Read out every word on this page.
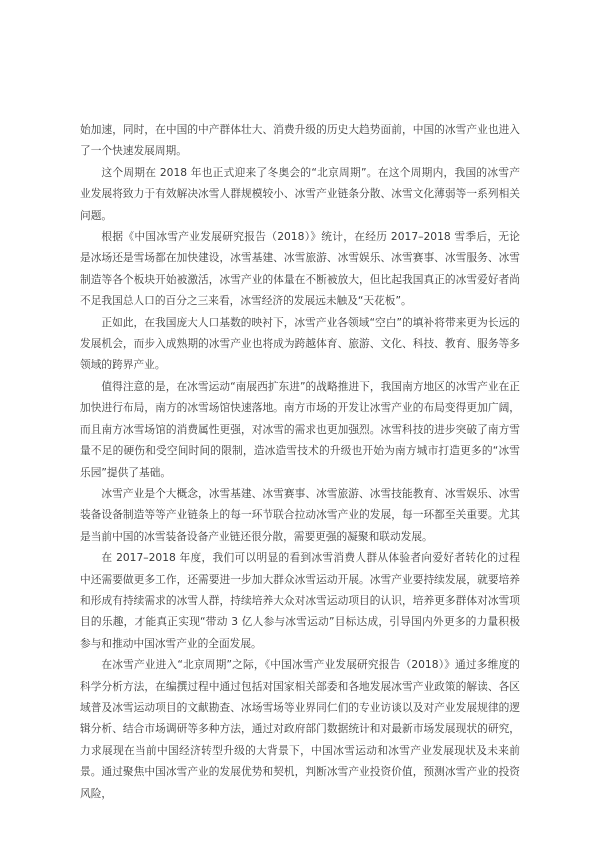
始加速，同时，在中国的中产群体壮大、消费升级的历史大趋势面前，中国的冰雪产业也进入了一个快速发展周期。

这个周期在 2018 年也正式迎来了冬奥会的“北京周期”。在这个周期内，我国的冰雪产业发展将致力于有效解决冰雪人群规模较小、冰雪产业链条分散、冰雪文化薄弱等一系列相关问题。

根据《中国冰雪产业发展研究报告（2018）》统计，在经历 2017–2018 雪季后，无论是冰场还是雪场都在加快建设，冰雪基建、冰雪旅游、冰雪娱乐、冰雪赛事、冰雪服务、冰雪制造等各个板块开始被激活，冰雪产业的体量在不断被放大，但比起我国真正的冰雪爱好者尚不足我国总人口的百分之三来看，冰雪经济的发展远未触及“天花板”。

正如此，在我国庞大人口基数的映衬下，冰雪产业各领域“空白”的填补将带来更为长远的发展机会，而步入成熟期的冰雪产业也将成为跨越体育、旅游、文化、科技、教育、服务等多领域的跨界产业。

值得注意的是，在冰雪运动“南展西扩东进”的战略推进下，我国南方地区的冰雪产业在正加快进行布局，南方的冰雪场馆快速落地。南方市场的开发让冰雪产业的布局变得更加广阔，而且南方冰雪场馆的消费属性更强，对冰雪的需求也更加强烈。冰雪科技的进步突破了南方雪量不足的硬伤和受空间时间的限制，造冰造雪技术的升级也开始为南方城市打造更多的“冰雪乐园”提供了基础。

冰雪产业是个大概念，冰雪基建、冰雪赛事、冰雪旅游、冰雪技能教育、冰雪娱乐、冰雪装备设备制造等等产业链条上的每一环节联合拉动冰雪产业的发展，每一环都至关重要。尤其是当前中国的冰雪装备设备产业链还很分散，需要更强的凝聚和联动发展。

在 2017–2018 年度，我们可以明显的看到冰雪消费人群从体验者向爱好者转化的过程中还需要做更多工作，还需要进一步加大群众冰雪运动开展。冰雪产业要持续发展，就要培养和形成有持续需求的冰雪人群，持续培养大众对冰雪运动项目的认识，培养更多群体对冰雪项目的乐趣，才能真正实现“带动 3 亿人参与冰雪运动”目标达成，引导国内外更多的力量积极参与和推动中国冰雪产业的全面发展。

在冰雪产业进入“北京周期”之际，《中国冰雪产业发展研究报告（2018）》通过多维度的科学分析方法，在编撰过程中通过包括对国家相关部委和各地发展冰雪产业政策的解读、各区域普及冰雪运动项目的文献勘查、冰场雪场等业界同仁们的专业访谈以及对产业发展规律的逻辑分析、结合市场调研等多种方法，通过对政府部门数据统计和对最新市场发展现状的研究，力求展现在当前中国经济转型升级的大背景下，中国冰雪运动和冰雪产业发展现状及未来前景。通过聚焦中国冰雪产业的发展优势和契机，判断冰雪产业投资价值，预测冰雪产业的投资风险，
